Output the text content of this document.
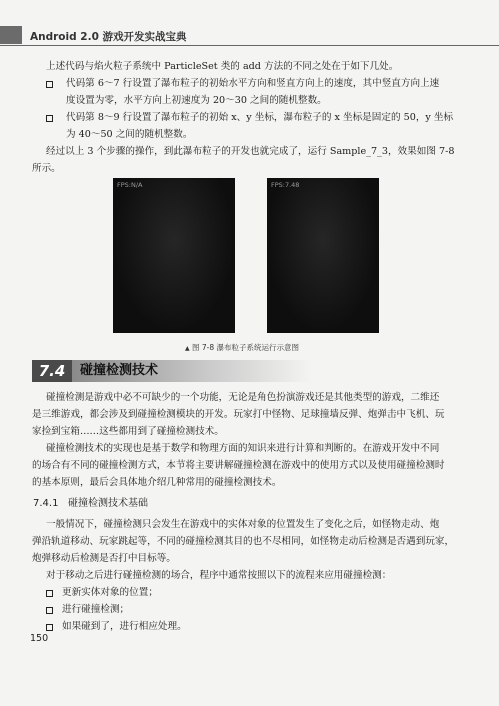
Android 2.0 游戏开发实战宝典
上述代码与焰火粒子系统中 ParticleSet 类的 add 方法的不同之处在于如下几处。
代码第 6～7 行设置了瀑布粒子的初始水平方向和竖直方向上的速度，其中竖直方向上速
度设置为零，水平方向上初速度为 20～30 之间的随机整数。
代码第 8～9 行设置了瀑布粒子的初始 x、y 坐标，瀑布粒子的 x 坐标是固定的 50，y 坐标
为 40～50 之间的随机整数。
经过以上 3 个步骤的操作，到此瀑布粒子的开发也就完成了，运行 Sample_7_3，效果如图 7-8
所示。
FPS:N/A	FPS:7.48
▲ 图 7-8 瀑布粒子系统运行示意图
7.4	碰撞检测技术
碰撞检测是游戏中必不可缺少的一个功能，无论是角色扮演游戏还是其他类型的游戏，二维还
是三维游戏，都会涉及到碰撞检测模块的开发。玩家打中怪物、足球撞墙反弹、炮弹击中飞机、玩
家捡到宝箱……这些都用到了碰撞检测技术。
碰撞检测技术的实现也是基于数学和物理方面的知识来进行计算和判断的。在游戏开发中不同
的场合有不同的碰撞检测方式，本节将主要讲解碰撞检测在游戏中的使用方式以及使用碰撞检测时
的基本原则，最后会具体地介绍几种常用的碰撞检测技术。
7.4.1 碰撞检测技术基础
一般情况下，碰撞检测只会发生在游戏中的实体对象的位置发生了变化之后，如怪物走动、炮
弹沿轨道移动、玩家跳起等，不同的碰撞检测其目的也不尽相同，如怪物走动后检测是否遇到玩家，
炮弹移动后检测是否打中目标等。
对于移动之后进行碰撞检测的场合，程序中通常按照以下的流程来应用碰撞检测：
更新实体对象的位置；
进行碰撞检测；
如果碰到了，进行相应处理。
150
